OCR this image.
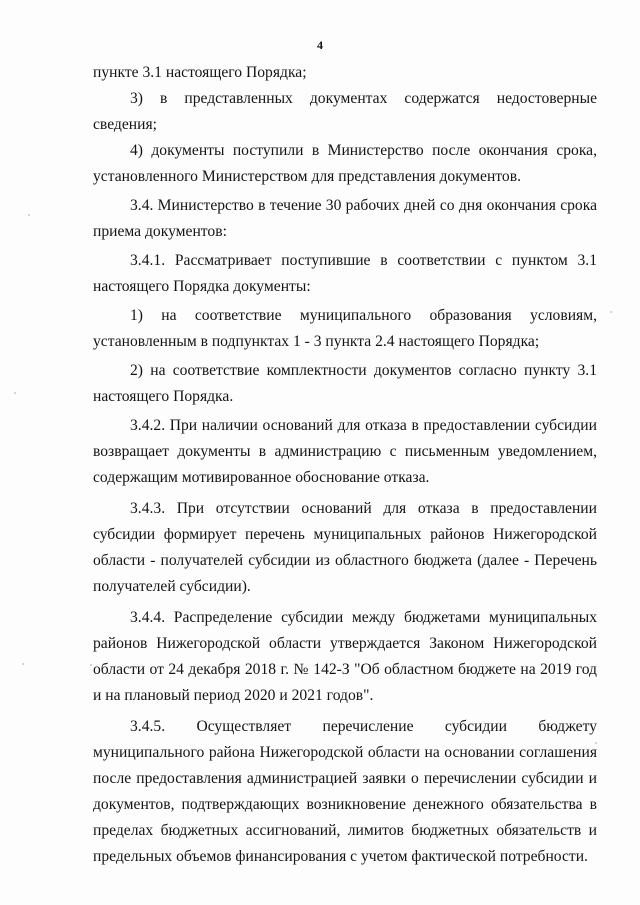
4

пункте 3.1 настоящего Порядка;

3) в представленных документах содержатся недостоверные сведения;

4) документы поступили в Министерство после окончания срока, установленного Министерством для представления документов.

3.4. Министерство в течение 30 рабочих дней со дня окончания срока приема документов:

3.4.1. Рассматривает поступившие в соответствии с пунктом 3.1 настоящего Порядка документы:

1) на соответствие муниципального образования условиям, установленным в подпунктах 1 - 3 пункта 2.4 настоящего Порядка;

2) на соответствие комплектности документов согласно пункту 3.1 настоящего Порядка.

3.4.2. При наличии оснований для отказа в предоставлении субсидии возвращает документы в администрацию с письменным уведомлением, содержащим мотивированное обоснование отказа.

3.4.3. При отсутствии оснований для отказа в предоставлении субсидии формирует перечень муниципальных районов Нижегородской области - получателей субсидии из областного бюджета (далее - Перечень получателей субсидии).

3.4.4. Распределение субсидии между бюджетами муниципальных районов Нижегородской области утверждается Законом Нижегородской области от 24 декабря 2018 г. № 142-З "Об областном бюджете на 2019 год и на плановый период 2020 и 2021 годов".

3.4.5. Осуществляет перечисление субсидии бюджету муниципального района Нижегородской области на основании соглашения после предоставления администрацией заявки о перечислении субсидии и документов, подтверждающих возникновение денежного обязательства в пределах бюджетных ассигнований, лимитов бюджетных обязательств и предельных объемов финансирования с учетом фактической потребности.
